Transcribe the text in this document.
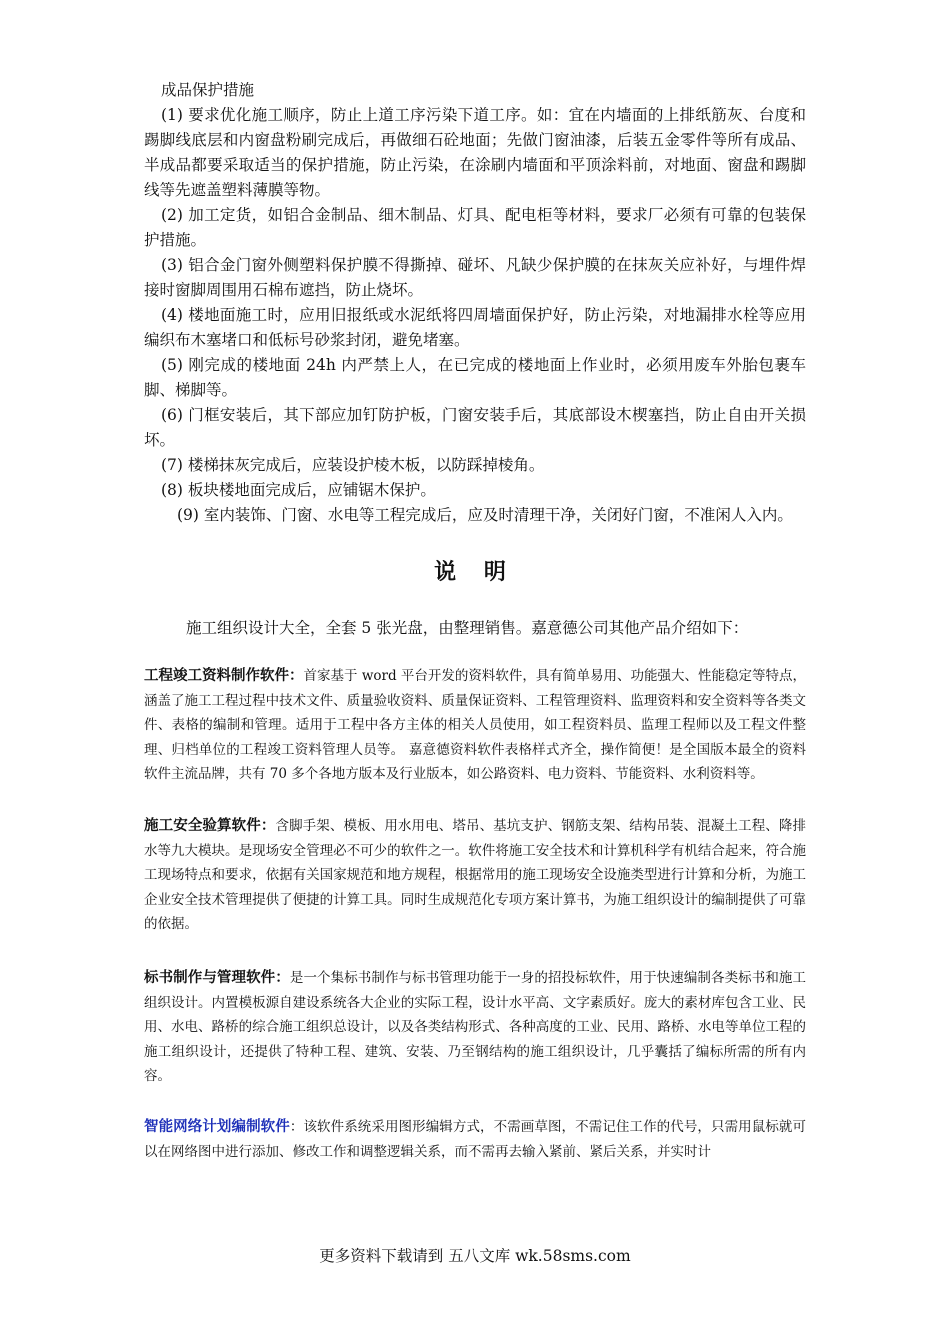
成品保护措施

(1) 要求优化施工顺序，防止上道工序污染下道工序。如：宜在内墙面的上排纸筋灰、台度和踢脚线底层和内窗盘粉刷完成后，再做细石砼地面；先做门窗油漆，后装五金零件等所有成品、半成品都要采取适当的保护措施，防止污染，在涂刷内墙面和平顶涂料前，对地面、窗盘和踢脚线等先遮盖塑料薄膜等物。

(2) 加工定货，如铝合金制品、细木制品、灯具、配电柜等材料，要求厂必须有可靠的包装保护措施。

(3) 铝合金门窗外侧塑料保护膜不得撕掉、碰坏、凡缺少保护膜的在抹灰关应补好，与埋件焊接时窗脚周围用石棉布遮挡，防止烧坏。

(4) 楼地面施工时，应用旧报纸或水泥纸将四周墙面保护好，防止污染，对地漏排水栓等应用编织布木塞堵口和低标号砂浆封闭，避免堵塞。

(5) 刚完成的楼地面 24h 内严禁上人，在已完成的楼地面上作业时，必须用废车外胎包裹车脚、梯脚等。

(6) 门框安装后，其下部应加钉防护板，门窗安装手后，其底部设木楔塞挡，防止自由开关损坏。

(7) 楼梯抹灰完成后，应装设护棱木板，以防踩掉棱角。

(8) 板块楼地面完成后，应铺锯木保护。

(9) 室内装饰、门窗、水电等工程完成后，应及时清理干净，关闭好门窗，不准闲人入内。

说 明
施工组织设计大全，全套 5 张光盘，由整理销售。嘉意德公司其他产品介绍如下：

工程竣工资料制作软件：首家基于 word 平台开发的资料软件，具有简单易用、功能强大、性能稳定等特点，涵盖了施工工程过程中技术文件、质量验收资料、质量保证资料、工程管理资料、监理资料和安全资料等各类文件、表格的编制和管理。适用于工程中各方主体的相关人员使用，如工程资料员、监理工程师以及工程文件整理、归档单位的工程竣工资料管理人员等。 嘉意德资料软件表格样式齐全，操作简便！是全国版本最全的资料软件主流品牌，共有 70 多个各地方版本及行业版本，如公路资料、电力资料、节能资料、水利资料等。

施工安全验算软件：含脚手架、模板、用水用电、塔吊、基坑支护、钢筋支架、结构吊装、混凝土工程、降排水等九大模块。是现场安全管理必不可少的软件之一。软件将施工安全技术和计算机科学有机结合起来，符合施工现场特点和要求，依据有关国家规范和地方规程，根据常用的施工现场安全设施类型进行计算和分析，为施工企业安全技术管理提供了便捷的计算工具。同时生成规范化专项方案计算书，为施工组织设计的编制提供了可靠的依据。

标书制作与管理软件：是一个集标书制作与标书管理功能于一身的招投标软件，用于快速编制各类标书和施工组织设计。内置模板源自建设系统各大企业的实际工程，设计水平高、文字素质好。庞大的素材库包含工业、民用、水电、路桥的综合施工组织总设计，以及各类结构形式、各种高度的工业、民用、路桥、水电等单位工程的施工组织设计，还提供了特种工程、建筑、安装、乃至钢结构的施工组织设计，几乎囊括了编标所需的所有内容。

智能网络计划编制软件：该软件系统采用图形编辑方式，不需画草图，不需记住工作的代号，只需用鼠标就可以在网络图中进行添加、修改工作和调整逻辑关系，而不需再去输入紧前、紧后关系，并实时计

更多资料下载请到 五八文库 wk.58sms.com
